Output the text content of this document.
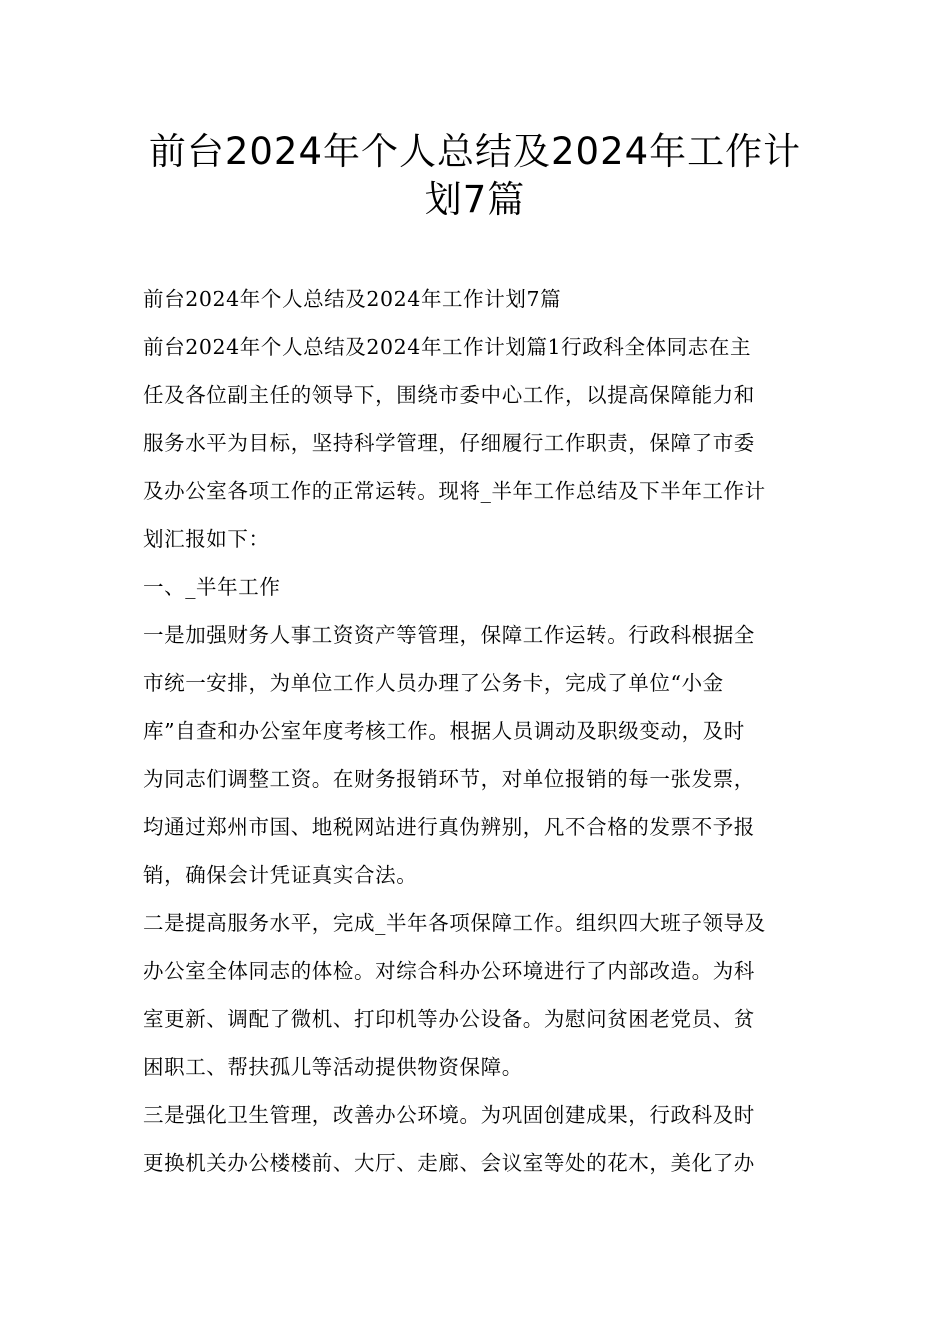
前台2024年个人总结及2024年工作计
划7篇
前台2024年个人总结及2024年工作计划7篇
前台2024年个人总结及2024年工作计划篇1行政科全体同志在主
任及各位副主任的领导下，围绕市委中心工作，以提高保障能力和
服务水平为目标，坚持科学管理，仔细履行工作职责，保障了市委
及办公室各项工作的正常运转。现将_半年工作总结及下半年工作计
划汇报如下：
一、_半年工作
一是加强财务人事工资资产等管理，保障工作运转。行政科根据全
市统一安排，为单位工作人员办理了公务卡，完成了单位“小金
库”自查和办公室年度考核工作。根据人员调动及职级变动，及时
为同志们调整工资。在财务报销环节，对单位报销的每一张发票，
均通过郑州市国、地税网站进行真伪辨别，凡不合格的发票不予报
销，确保会计凭证真实合法。
二是提高服务水平，完成_半年各项保障工作。组织四大班子领导及
办公室全体同志的体检。对综合科办公环境进行了内部改造。为科
室更新、调配了微机、打印机等办公设备。为慰问贫困老党员、贫
困职工、帮扶孤儿等活动提供物资保障。
三是强化卫生管理，改善办公环境。为巩固创建成果，行政科及时
更换机关办公楼楼前、大厅、走廊、会议室等处的花木，美化了办
